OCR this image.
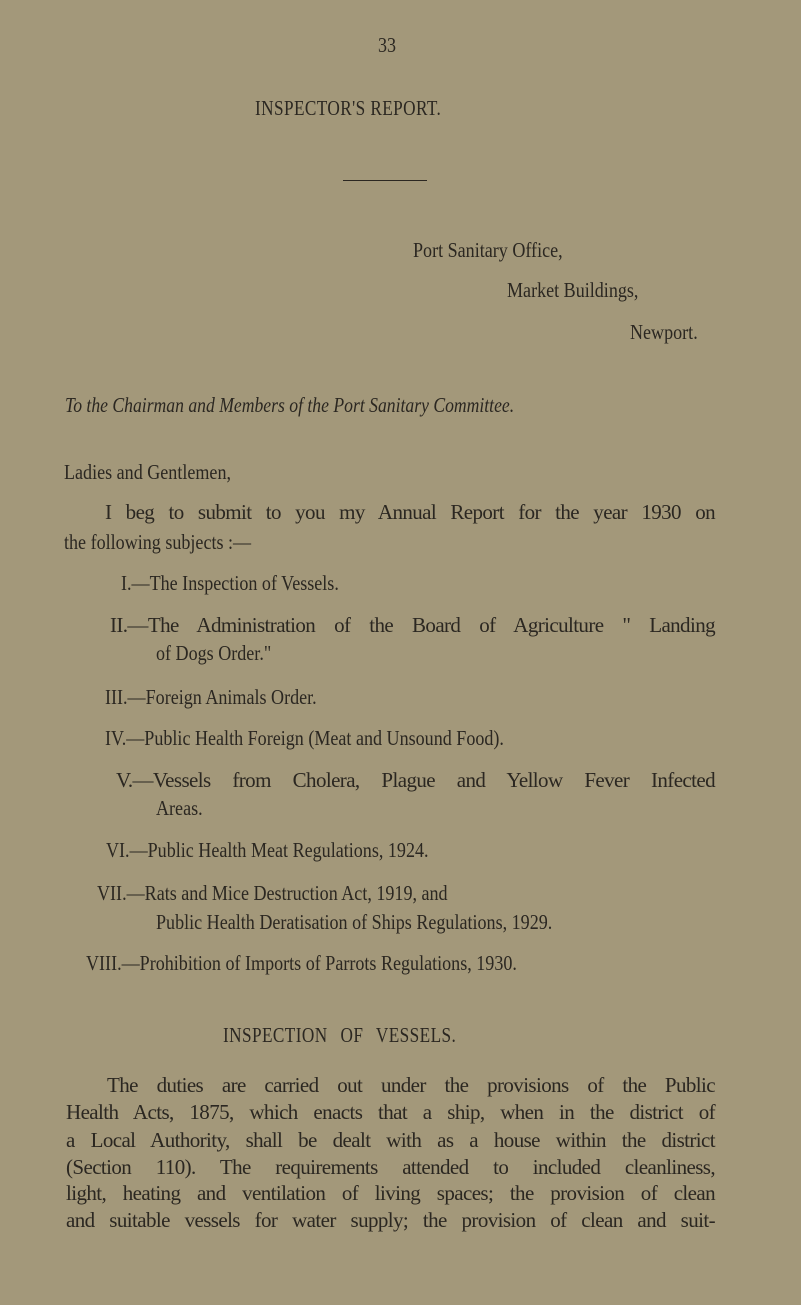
33
INSPECTOR'S REPORT.
Port Sanitary Office,
Market Buildings,
Newport.
To the Chairman and Members of the Port Sanitary Committee.
Ladies and Gentlemen,
I beg to submit to you my Annual Report for the year 1930 on
the following subjects :—
I.—The Inspection of Vessels.
II.—The Administration of the Board of Agriculture " Landing
of Dogs Order."
III.—Foreign Animals Order.
IV.—Public Health Foreign (Meat and Unsound Food).
V.—Vessels from Cholera, Plague and Yellow Fever Infected
Areas.
VI.—Public Health Meat Regulations, 1924.
VII.—Rats and Mice Destruction Act, 1919, and
Public Health Deratisation of Ships Regulations, 1929.
VIII.—Prohibition of Imports of Parrots Regulations, 1930.
INSPECTION OF VESSELS.
The duties are carried out under the provisions of the Public
Health Acts, 1875, which enacts that a ship, when in the district of
a Local Authority, shall be dealt with as a house within the district
(Section 110). The requirements attended to included cleanliness,
light, heating and ventilation of living spaces; the provision of clean
and suitable vessels for water supply; the provision of clean and suit-
